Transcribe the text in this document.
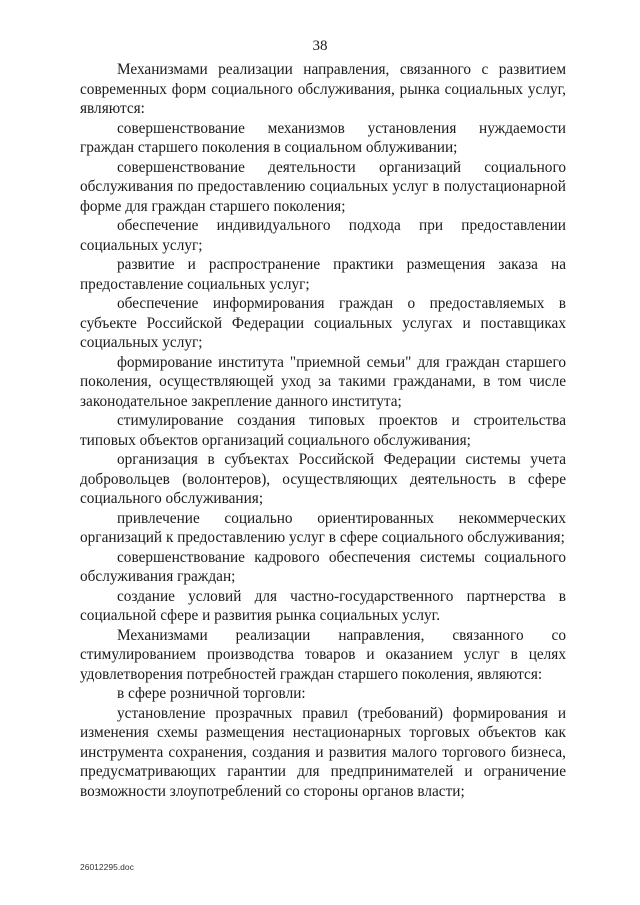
38

Механизмами реализации направления, связанного с развитием современных форм социального обслуживания, рынка социальных услуг, являются:

совершенствование механизмов установления нуждаемости граждан старшего поколения в социальном облуживании;

совершенствование деятельности организаций социального обслуживания по предоставлению социальных услуг в полустационарной форме для граждан старшего поколения;

обеспечение индивидуального подхода при предоставлении социальных услуг;

развитие и распространение практики размещения заказа на предоставление социальных услуг;

обеспечение информирования граждан о предоставляемых в субъекте Российской Федерации социальных услугах и поставщиках социальных услуг;

формирование института "приемной семьи" для граждан старшего поколения, осуществляющей уход за такими гражданами, в том числе законодательное закрепление данного института;

стимулирование создания типовых проектов и строительства типовых объектов организаций социального обслуживания;

организация в субъектах Российской Федерации системы учета добровольцев (волонтеров), осуществляющих деятельность в сфере социального обслуживания;

привлечение социально ориентированных некоммерческих организаций к предоставлению услуг в сфере социального обслуживания;

совершенствование кадрового обеспечения системы социального обслуживания граждан;

создание условий для частно-государственного партнерства в социальной сфере и развития рынка социальных услуг.

Механизмами реализации направления, связанного со стимулированием производства товаров и оказанием услуг в целях удовлетворения потребностей граждан старшего поколения, являются:

в сфере розничной торговли:

установление прозрачных правил (требований) формирования и изменения схемы размещения нестационарных торговых объектов как инструмента сохранения, создания и развития малого торгового бизнеса, предусматривающих гарантии для предпринимателей и ограничение возможности злоупотреблений со стороны органов власти;

26012295.doc
